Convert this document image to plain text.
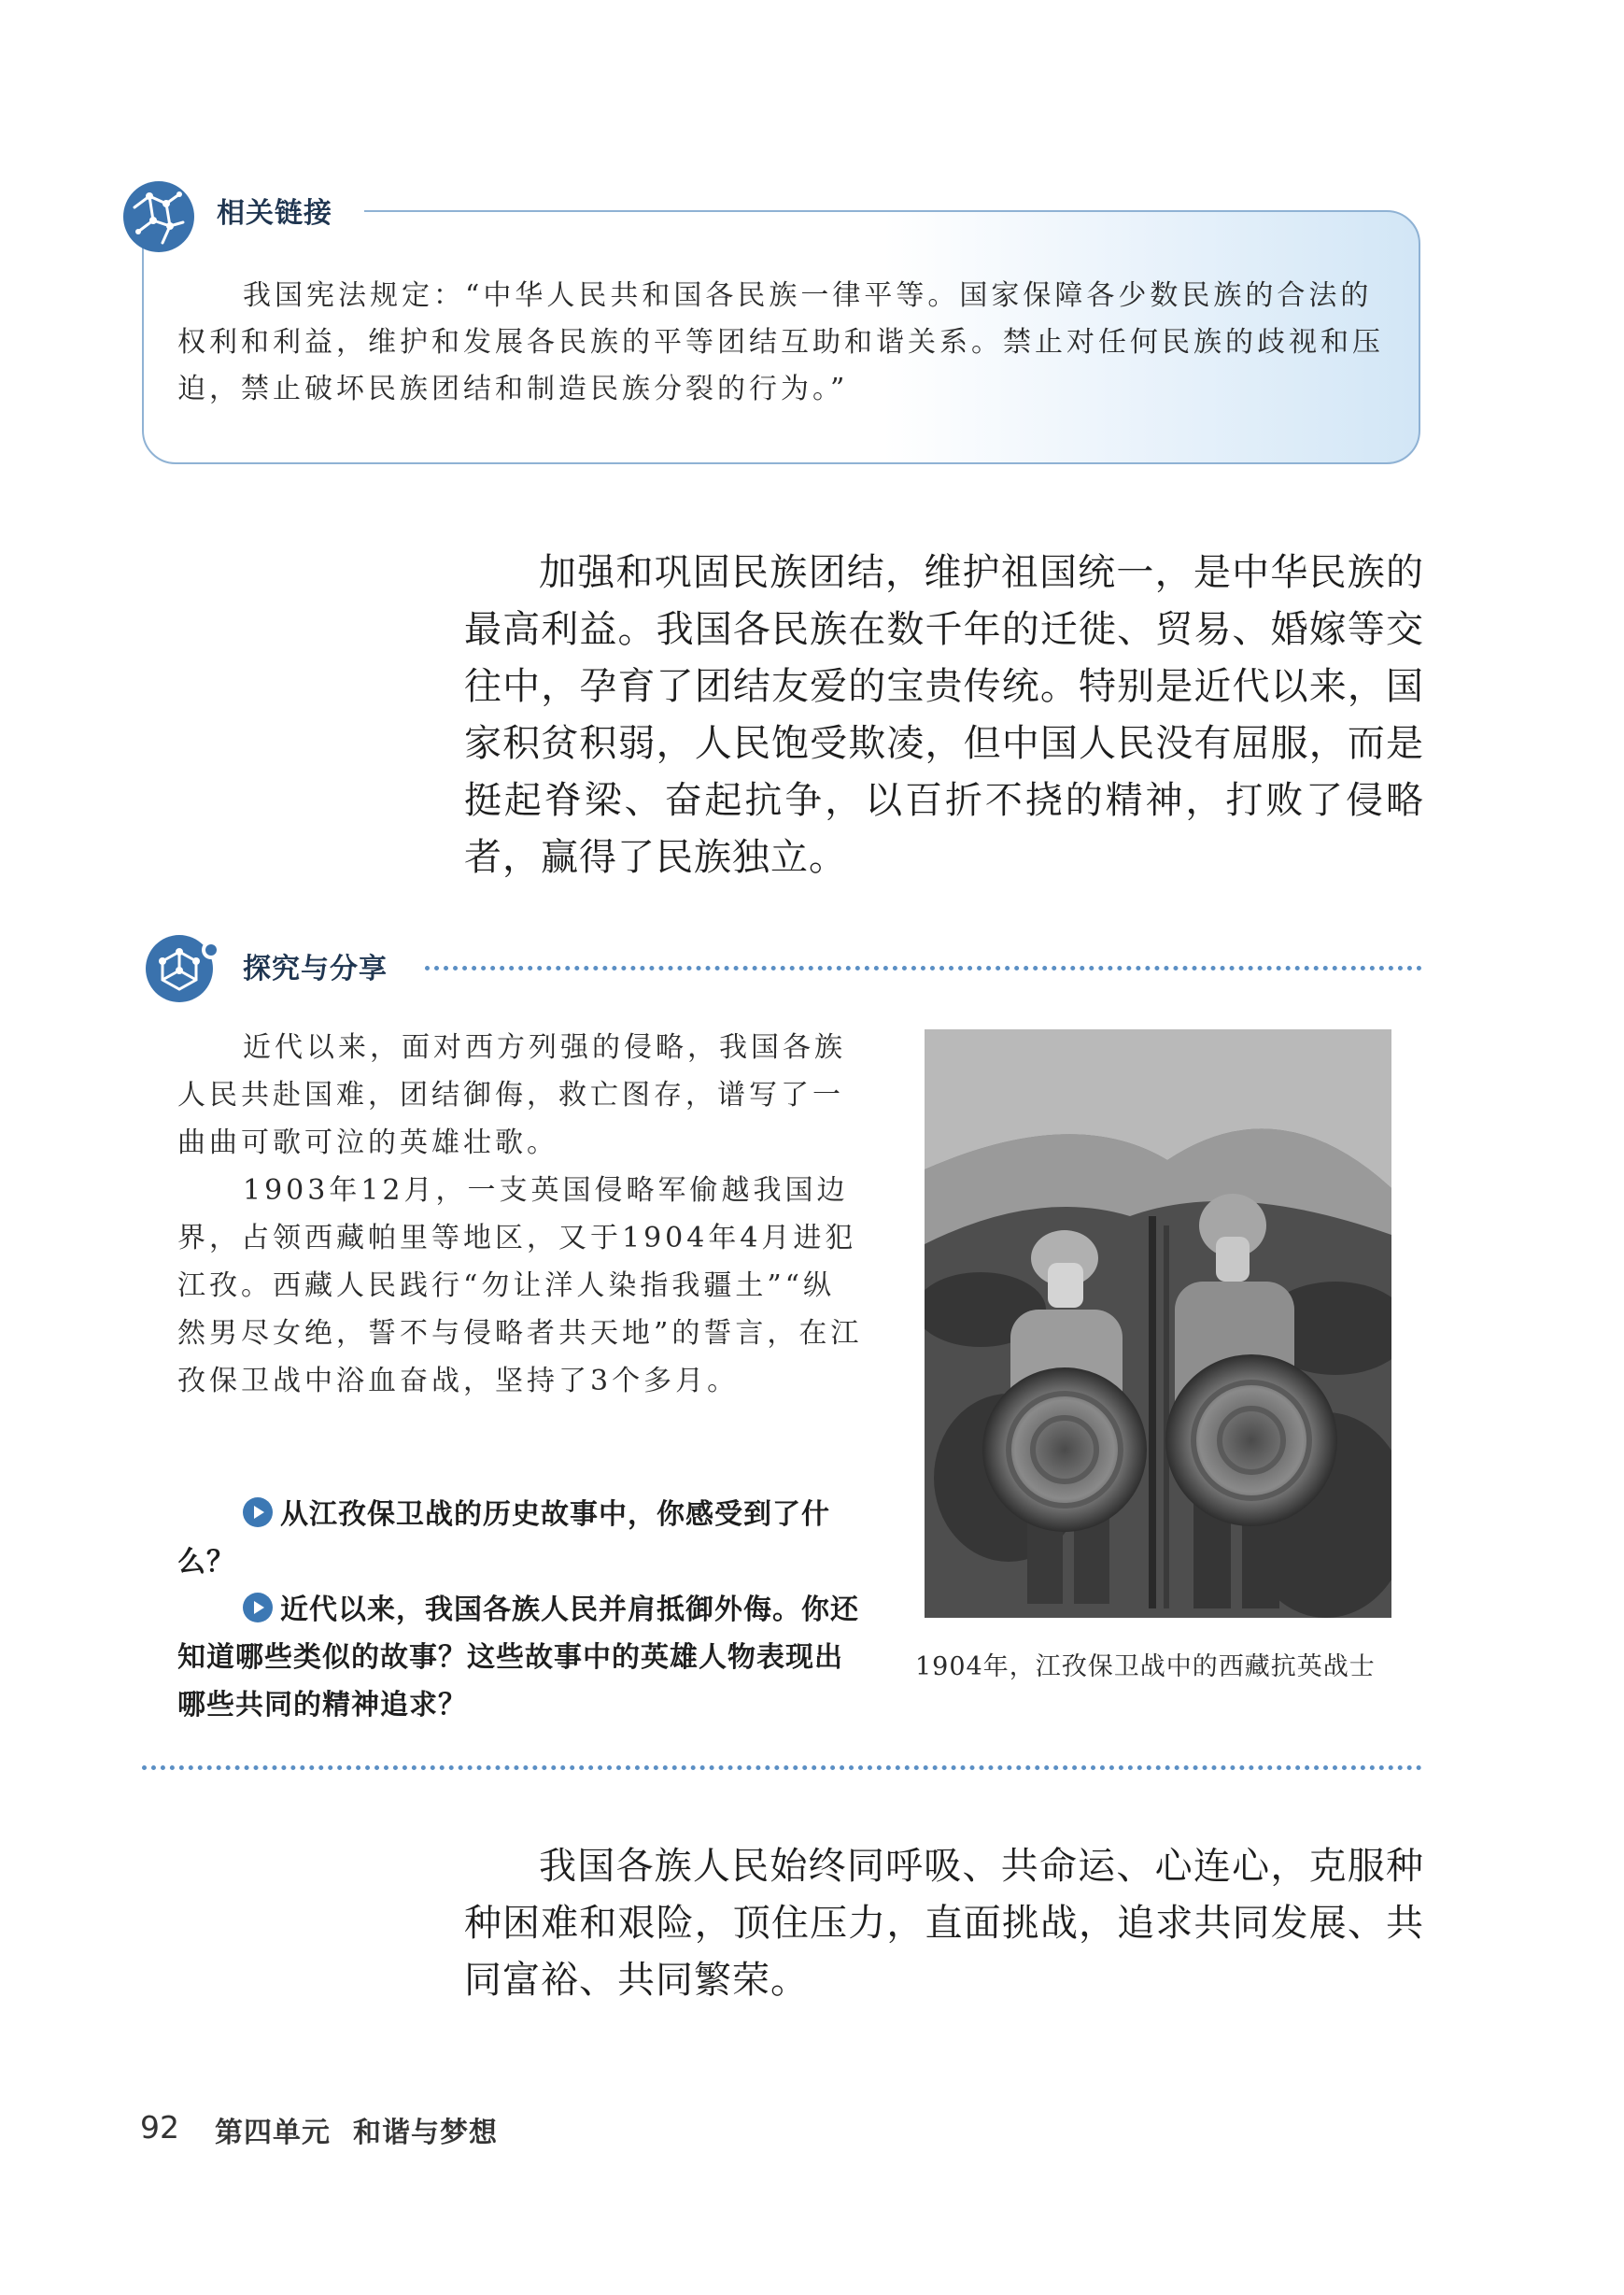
相关链接

我国宪法规定：“中华人民共和国各民族一律平等。国家保障各少数民族的合法的权利和利益，维护和发展各民族的平等团结互助和谐关系。禁止对任何民族的歧视和压迫，禁止破坏民族团结和制造民族分裂的行为。”

加强和巩固民族团结，维护祖国统一，是中华民族的最高利益。我国各民族在数千年的迁徙、贸易、婚嫁等交往中，孕育了团结友爱的宝贵传统。特别是近代以来，国家积贫积弱，人民饱受欺凌，但中国人民没有屈服，而是挺起脊梁、奋起抗争，以百折不挠的精神，打败了侵略者，赢得了民族独立。

探究与分享

近代以来，面对西方列强的侵略，我国各族人民共赴国难，团结御侮，救亡图存，谱写了一曲曲可歌可泣的英雄壮歌。

1903年12月，一支英国侵略军偷越我国边界，占领西藏帕里等地区，又于1904年4月进犯江孜。西藏人民践行“勿让洋人染指我疆土”“纵然男尽女绝，誓不与侵略者共天地”的誓言，在江孜保卫战中浴血奋战，坚持了3个多月。

从江孜保卫战的历史故事中，你感受到了什么？
近代以来，我国各族人民并肩抵御外侮。你还知道哪些类似的故事？这些故事中的英雄人物表现出哪些共同的精神追求？
1904年，江孜保卫战中的西藏抗英战士

我国各族人民始终同呼吸、共命运、心连心，克服种种困难和艰险，顶住压力，直面挑战，追求共同发展、共同富裕、共同繁荣。

92 第四单元 和谐与梦想
